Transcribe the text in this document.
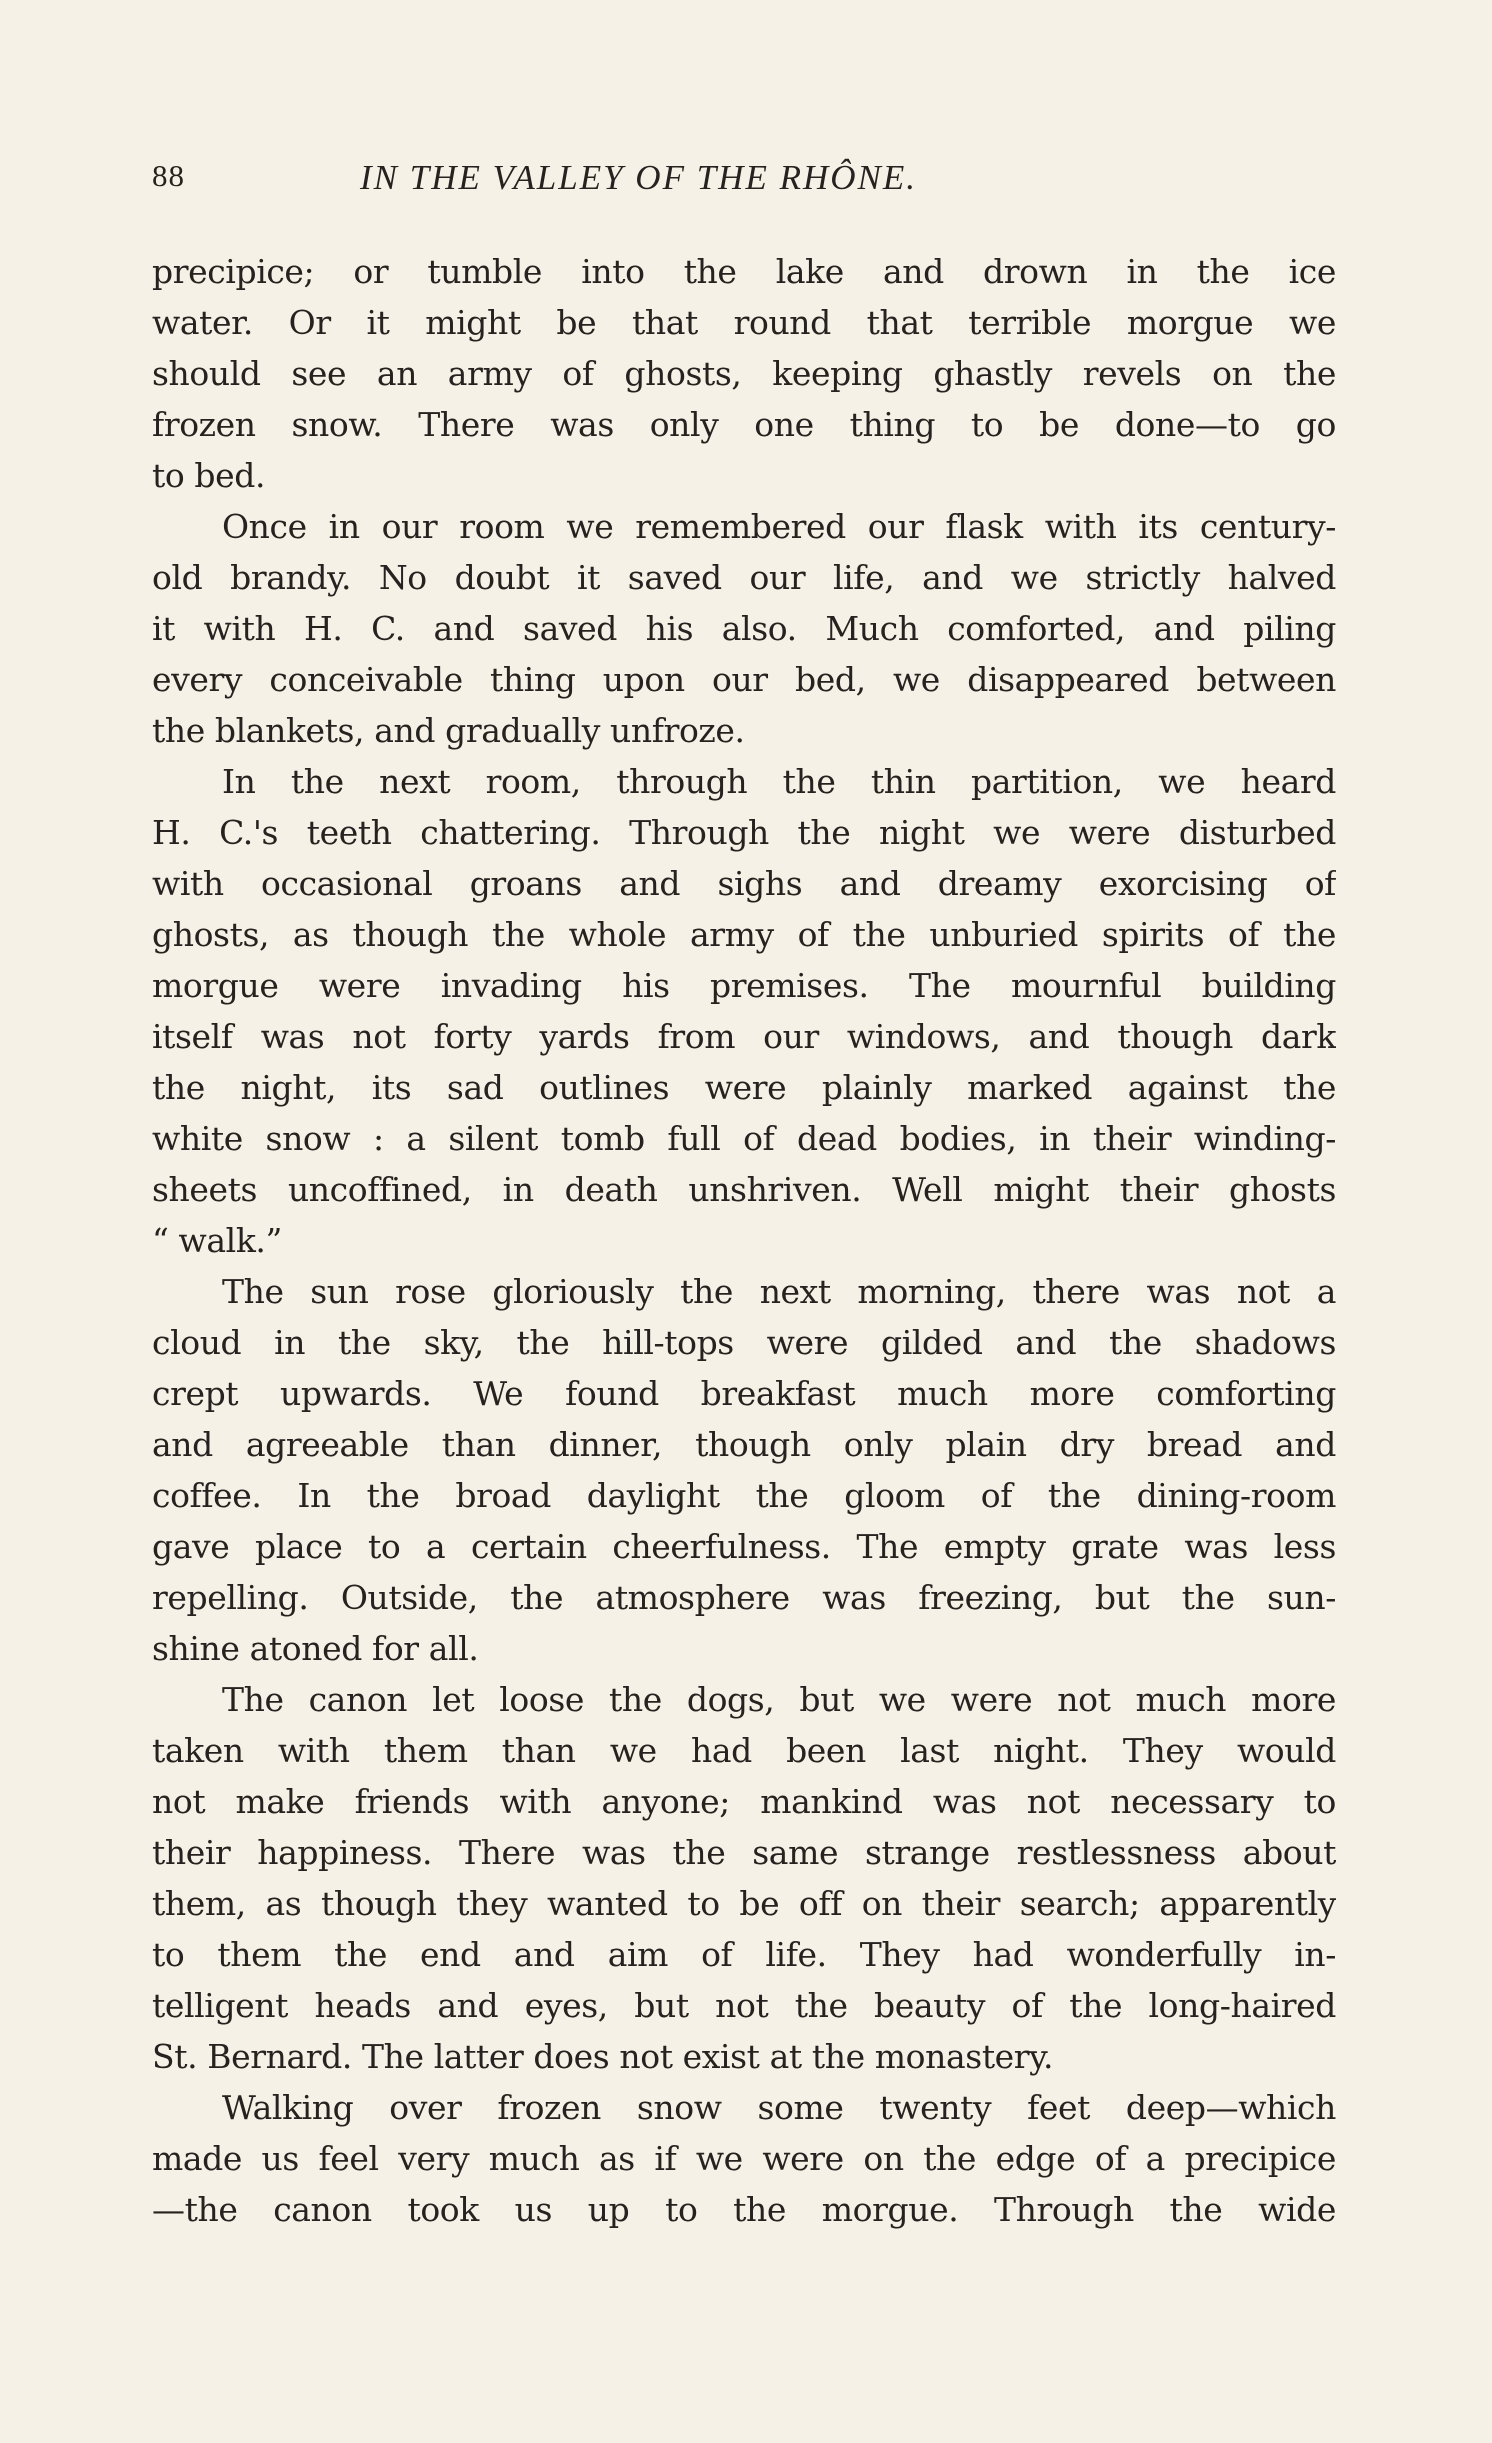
88	IN THE VALLEY OF THE RHÔNE.
precipice; or tumble into the lake and drown in the ice
water. Or it might be that round that terrible morgue we
should see an army of ghosts, keeping ghastly revels on the
frozen snow. There was only one thing to be done—to go
to bed.
Once in our room we remembered our flask with its century-
old brandy. No doubt it saved our life, and we strictly halved
it with H. C. and saved his also. Much comforted, and piling
every conceivable thing upon our bed, we disappeared between
the blankets, and gradually unfroze.
In the next room, through the thin partition, we heard
H. C.'s teeth chattering. Through the night we were disturbed
with occasional groans and sighs and dreamy exorcising of
ghosts, as though the whole army of the unburied spirits of the
morgue were invading his premises. The mournful building
itself was not forty yards from our windows, and though dark
the night, its sad outlines were plainly marked against the
white snow : a silent tomb full of dead bodies, in their winding-
sheets uncoffined, in death unshriven. Well might their ghosts
“ walk.”
The sun rose gloriously the next morning, there was not a
cloud in the sky, the hill-tops were gilded and the shadows
crept upwards. We found breakfast much more comforting
and agreeable than dinner, though only plain dry bread and
coffee. In the broad daylight the gloom of the dining-room
gave place to a certain cheerfulness. The empty grate was less
repelling. Outside, the atmosphere was freezing, but the sun-
shine atoned for all.
The canon let loose the dogs, but we were not much more
taken with them than we had been last night. They would
not make friends with anyone; mankind was not necessary to
their happiness. There was the same strange restlessness about
them, as though they wanted to be off on their search; apparently
to them the end and aim of life. They had wonderfully in-
telligent heads and eyes, but not the beauty of the long-haired
St. Bernard. The latter does not exist at the monastery.
Walking over frozen snow some twenty feet deep—which
made us feel very much as if we were on the edge of a precipice
—the canon took us up to the morgue. Through the wide
